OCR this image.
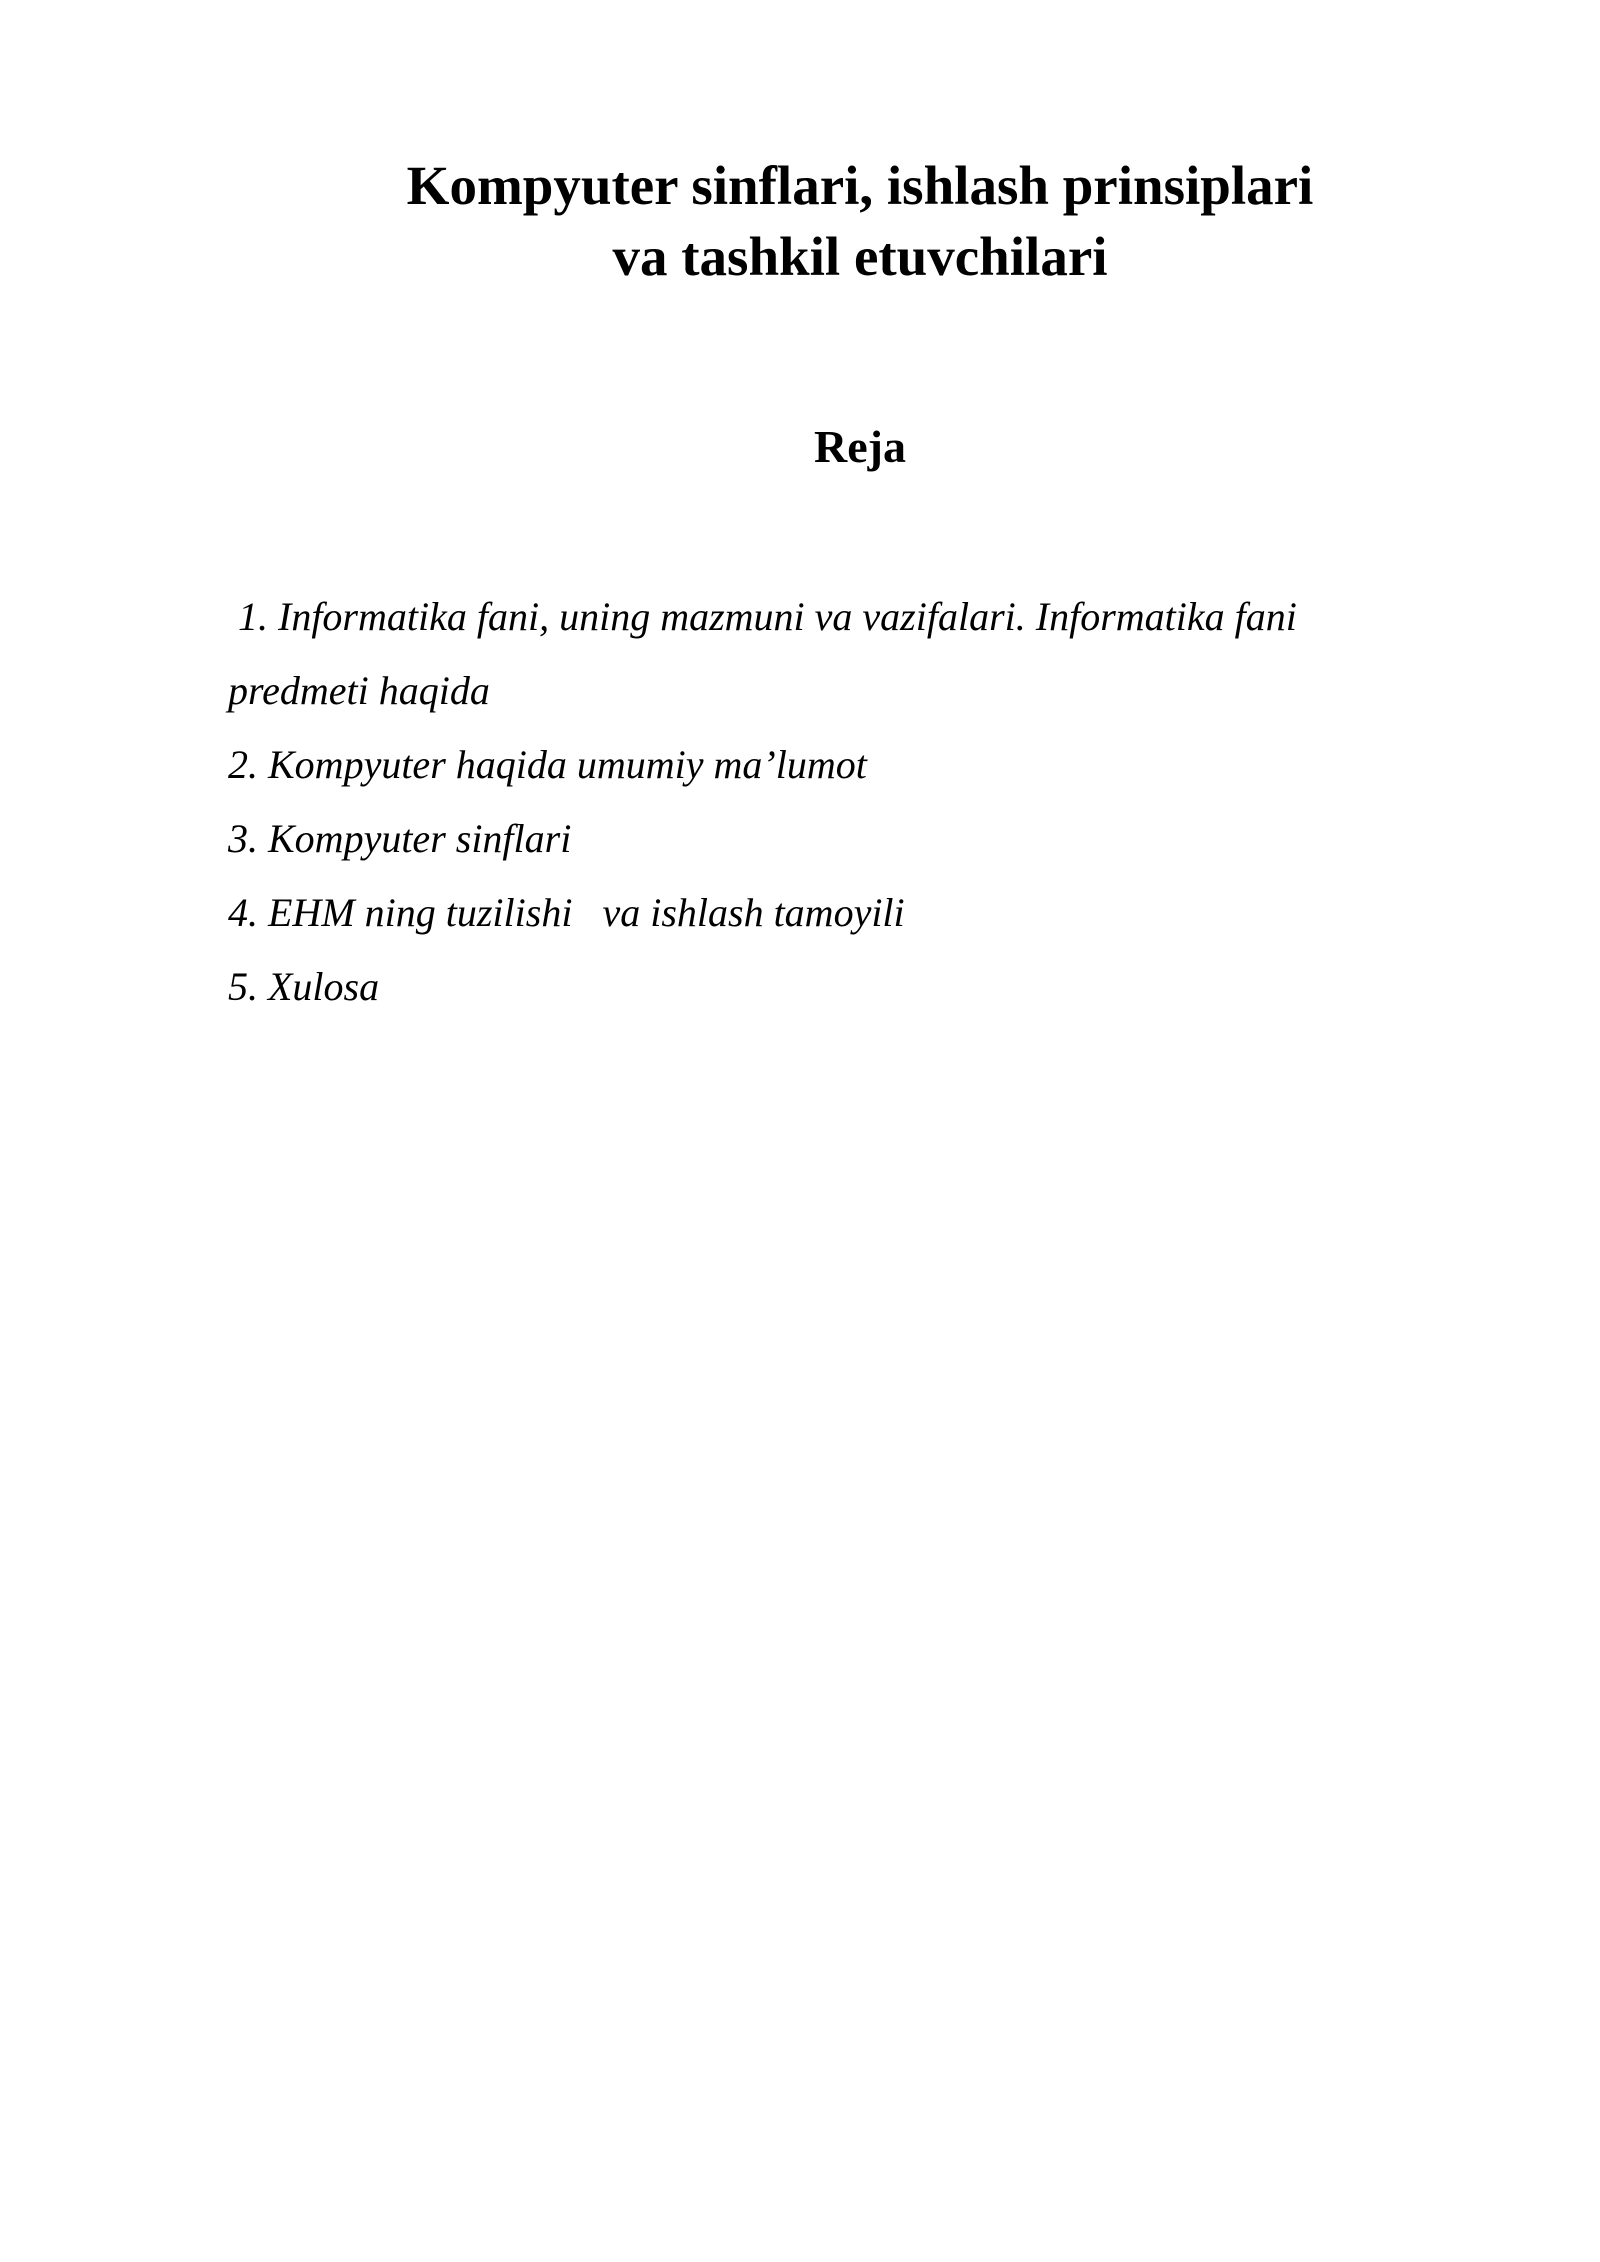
Kompyuter sinflari, ishlash prinsiplari
va tashkil etuvchilari
Reja
1. Informatika fani, uning mazmuni va vazifalari. Informatika fani
predmeti haqida
2. Kompyuter haqida umumiy ma’lumot
3. Kompyuter sinflari
4. EHM ning tuzilishi   va ishlash tamoyili
5. Xulosa
